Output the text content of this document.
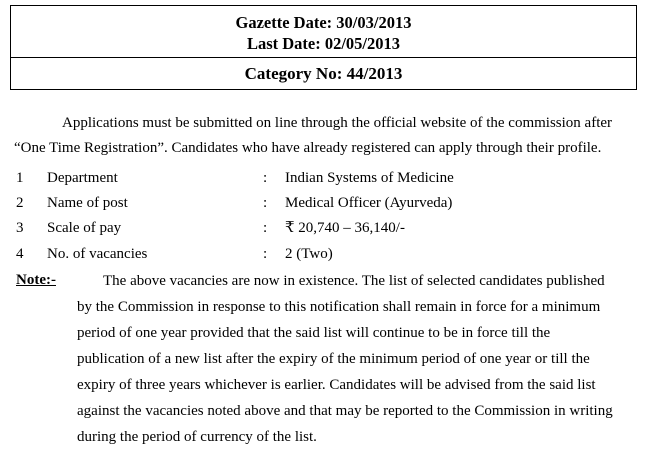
Gazette Date: 30/03/2013
Last Date: 02/05/2013
Category No: 44/2013
Applications must be submitted on line through the official website of the commission after
“One Time Registration”. Candidates who have already registered can apply through their profile.
1 Department	: Indian Systems of Medicine
2 Name of post	: Medical Officer (Ayurveda)
3 Scale of pay	: ₹ 20,740 – 36,140/-
4 No. of vacancies	: 2 (Two)
Note:-	The above vacancies are now in existence. The list of selected candidates published
by the Commission in response to this notification shall remain in force for a minimum
period of one year provided that the said list will continue to be in force till the
publication of a new list after the expiry of the minimum period of one year or till the
expiry of three years whichever is earlier. Candidates will be advised from the said list
against the vacancies noted above and that may be reported to the Commission in writing
during the period of currency of the list.
